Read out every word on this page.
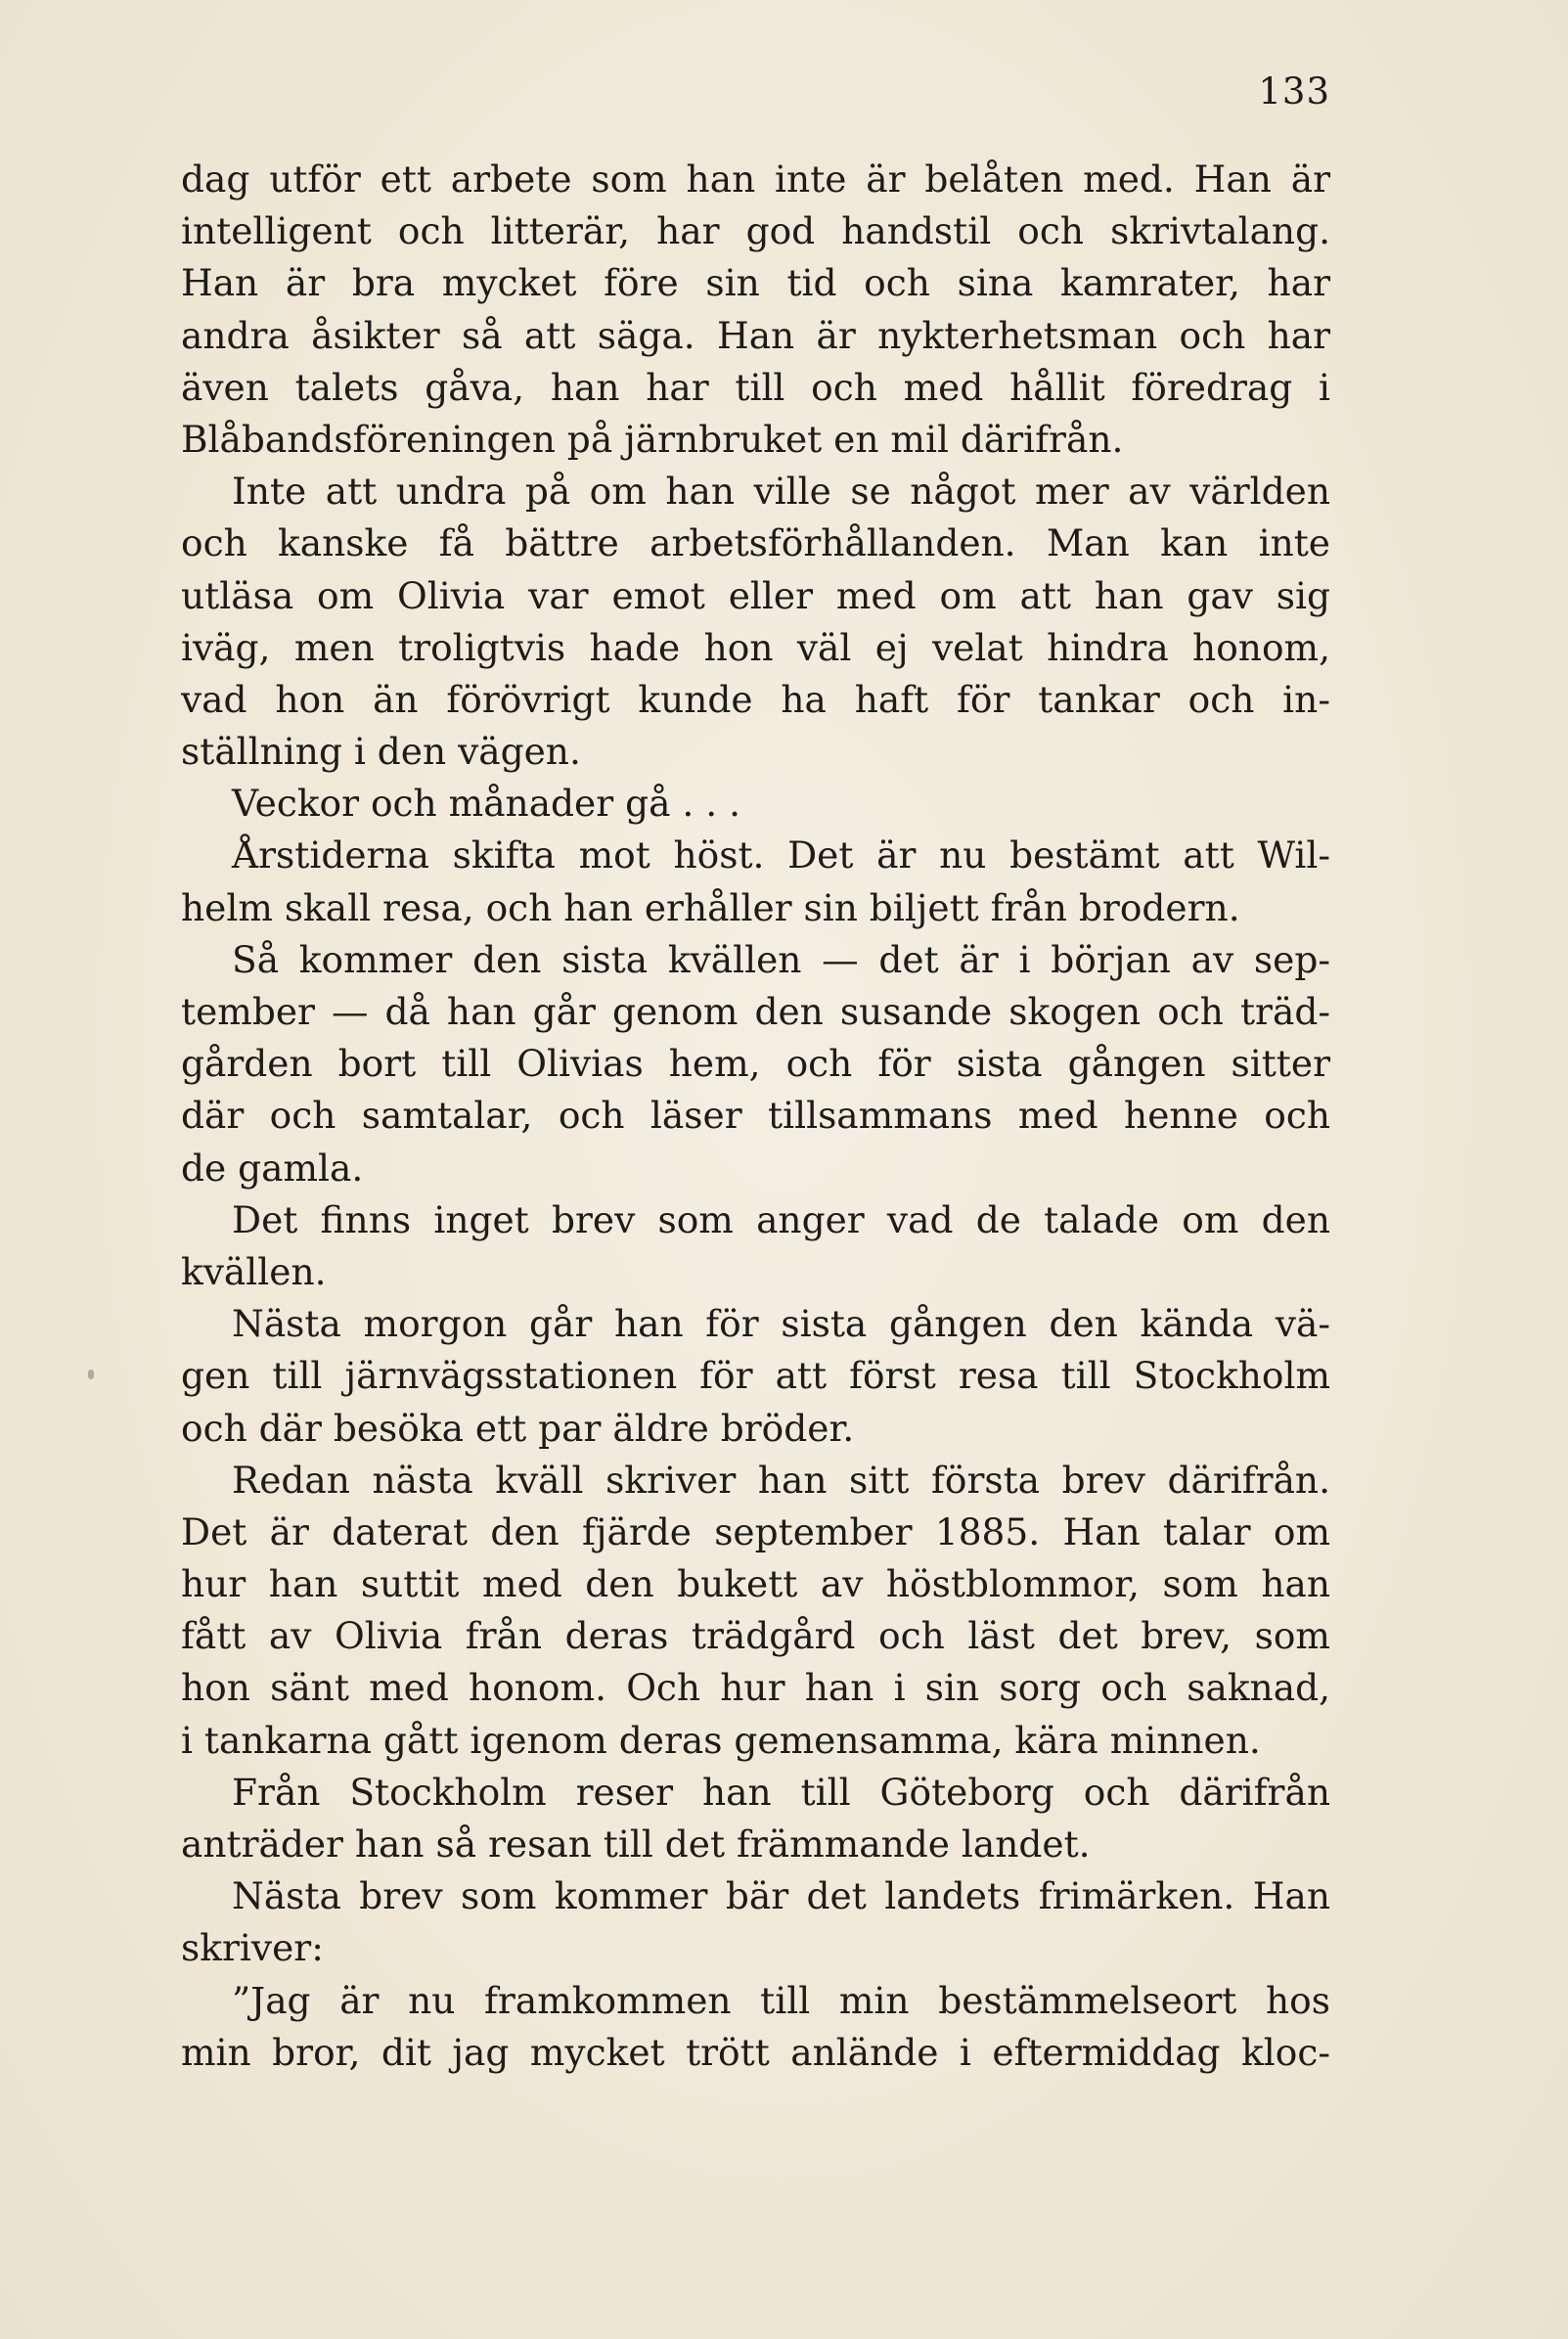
133
dag utför ett arbete som han inte är belåten med. Han är
intelligent och litterär, har god handstil och skrivtalang.
Han är bra mycket före sin tid och sina kamrater, har
andra åsikter så att säga. Han är nykterhetsman och har
även talets gåva, han har till och med hållit föredrag i
Blåbandsföreningen på järnbruket en mil därifrån.
Inte att undra på om han ville se något mer av världen
och kanske få bättre arbetsförhållanden. Man kan inte
utläsa om Olivia var emot eller med om att han gav sig
iväg, men troligtvis hade hon väl ej velat hindra honom,
vad hon än förövrigt kunde ha haft för tankar och in-
ställning i den vägen.
Veckor och månader gå . . .
Årstiderna skifta mot höst. Det är nu bestämt att Wil-
helm skall resa, och han erhåller sin biljett från brodern.
Så kommer den sista kvällen — det är i början av sep-
tember — då han går genom den susande skogen och träd-
gården bort till Olivias hem, och för sista gången sitter
där och samtalar, och läser tillsammans med henne och
de gamla.
Det finns inget brev som anger vad de talade om den
kvällen.
Nästa morgon går han för sista gången den kända vä-
gen till järnvägsstationen för att först resa till Stockholm
och där besöka ett par äldre bröder.
Redan nästa kväll skriver han sitt första brev därifrån.
Det är daterat den fjärde september 1885. Han talar om
hur han suttit med den bukett av höstblommor, som han
fått av Olivia från deras trädgård och läst det brev, som
hon sänt med honom. Och hur han i sin sorg och saknad,
i tankarna gått igenom deras gemensamma, kära minnen.
Från Stockholm reser han till Göteborg och därifrån
anträder han så resan till det främmande landet.
Nästa brev som kommer bär det landets frimärken. Han
skriver:
”Jag är nu framkommen till min bestämmelseort hos
min bror, dit jag mycket trött anlände i eftermiddag kloc-
